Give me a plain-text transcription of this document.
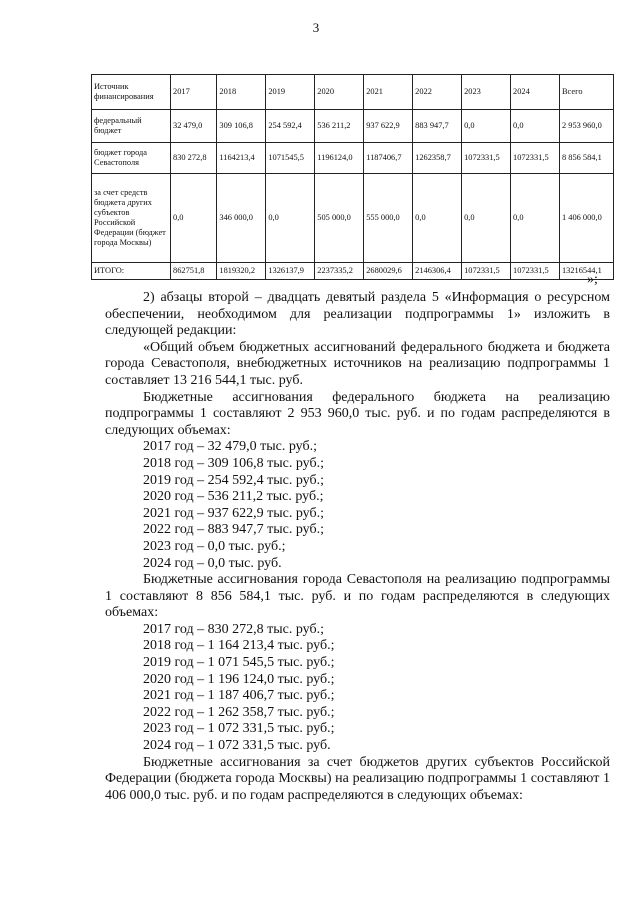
3
Источник финансирования	2017	2018	2019	2020	2021	2022	2023	2024	Всего
федеральный бюджет	32 479,0	309 106,8	254 592,4	536 211,2	937 622,9	883 947,7	0,0	0,0	2 953 960,0
бюджет города Севастополя	830 272,8	1164213,4	1071545,5	1196124,0	1187406,7	1262358,7	1072331,5	1072331,5	8 856 584,1
за счет средств бюджета других субъектов Российской Федерации (бюджет города Москвы)	0,0	346 000,0	0,0	505 000,0	555 000,0	0,0	0,0	0,0	1 406 000,0
ИТОГО:	862751,8	1819320,2	1326137,9	2237335,2	2680029,6	2146306,4	1072331,5	1072331,5	13216544,1
»;

2) абзацы второй – двадцать девятый раздела 5 «Информация о ресурсном обеспечении, необходимом для реализации подпрограммы 1» изложить в следующей редакции:

«Общий объем бюджетных ассигнований федерального бюджета и бюджета города Севастополя, внебюджетных источников на реализацию подпрограммы 1 составляет 13 216 544,1 тыс. руб.

Бюджетные ассигнования федерального бюджета на реализацию подпрограммы 1 составляют 2 953 960,0 тыс. руб. и по годам распределяются в следующих объемах:

2017 год – 32 479,0 тыс. руб.;

2018 год – 309 106,8 тыс. руб.;

2019 год – 254 592,4 тыс. руб.;

2020 год – 536 211,2 тыс. руб.;

2021 год – 937 622,9 тыс. руб.;

2022 год – 883 947,7 тыс. руб.;

2023 год – 0,0 тыс. руб.;

2024 год – 0,0 тыс. руб.

Бюджетные ассигнования города Севастополя на реализацию подпрограммы 1 составляют 8 856 584,1 тыс. руб. и по годам распределяются в следующих объемах:

2017 год – 830 272,8 тыс. руб.;

2018 год – 1 164 213,4 тыс. руб.;

2019 год – 1 071 545,5 тыс. руб.;

2020 год – 1 196 124,0 тыс. руб.;

2021 год – 1 187 406,7 тыс. руб.;

2022 год – 1 262 358,7 тыс. руб.;

2023 год – 1 072 331,5 тыс. руб.;

2024 год – 1 072 331,5 тыс. руб.

Бюджетные ассигнования за счет бюджетов других субъектов Российской Федерации (бюджета города Москвы) на реализацию подпрограммы 1 составляют 1 406 000,0 тыс. руб. и по годам распределяются в следующих объемах:
